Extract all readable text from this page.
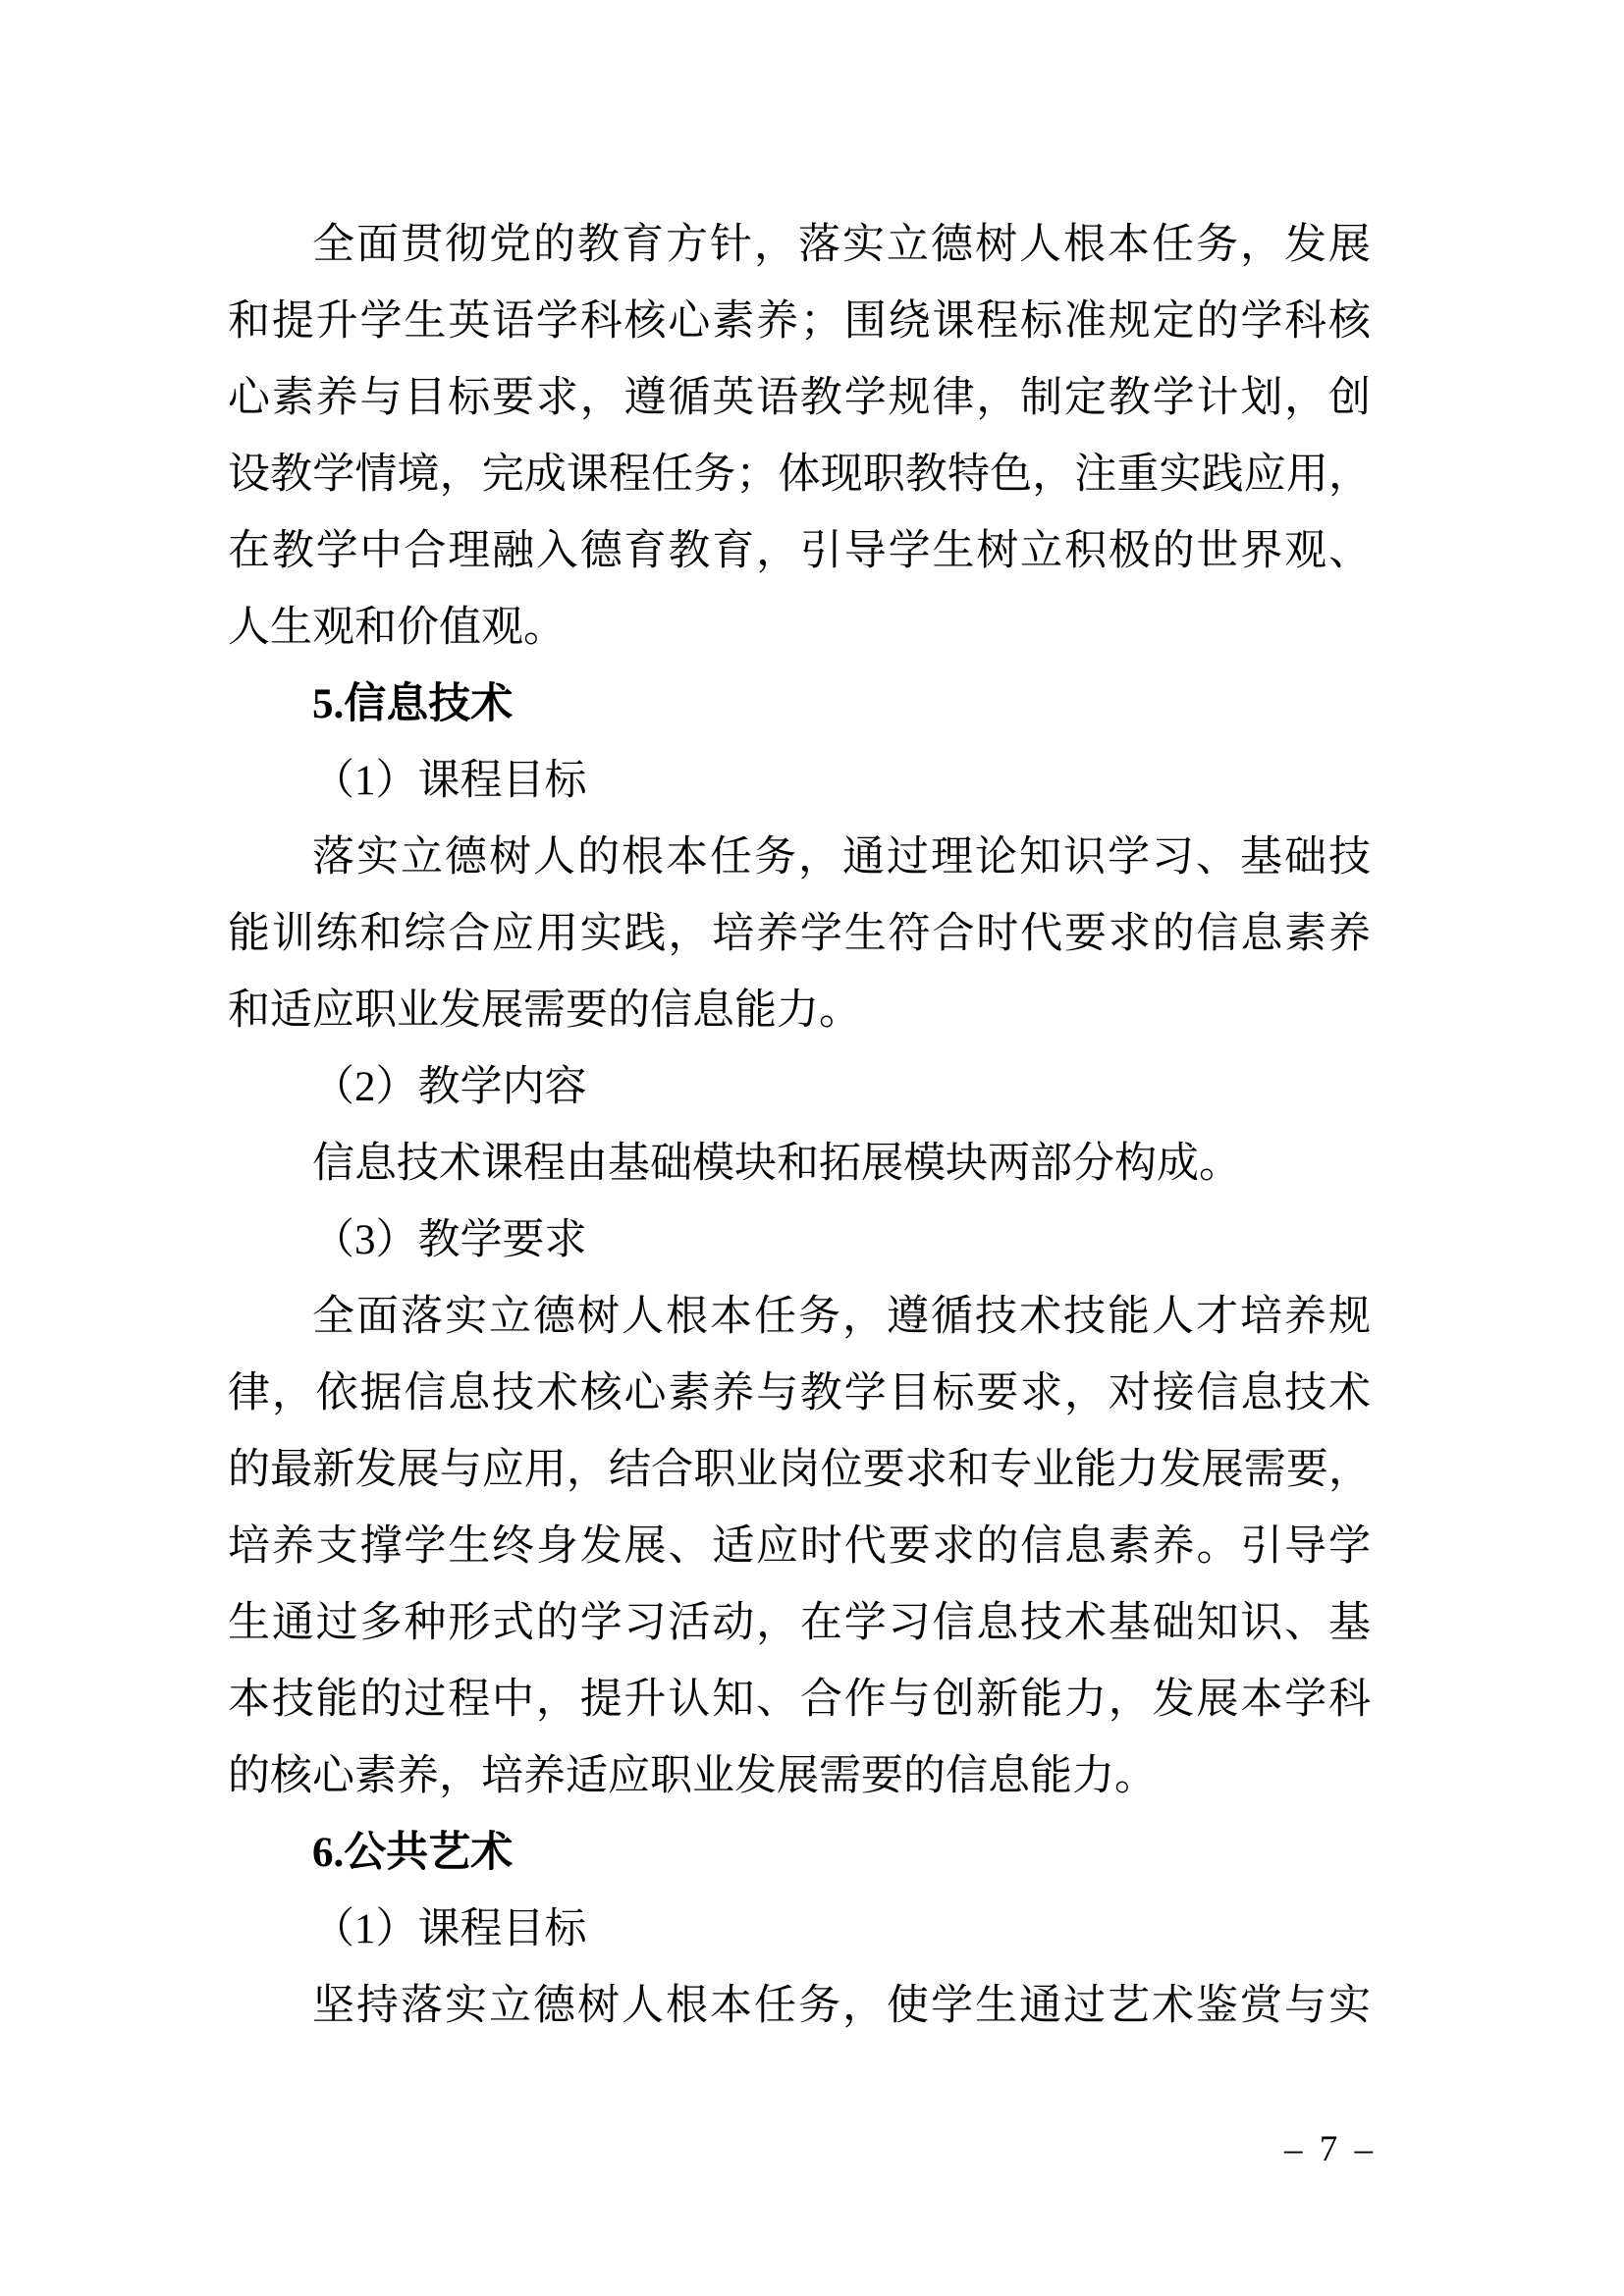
全面贯彻党的教育方针，落实立德树人根本任务，发展
和提升学生英语学科核心素养；围绕课程标准规定的学科核
心素养与目标要求，遵循英语教学规律，制定教学计划，创
设教学情境，完成课程任务；体现职教特色，注重实践应用，
在教学中合理融入德育教育，引导学生树立积极的世界观、
人生观和价值观。
5.信息技术
（1）课程目标
落实立德树人的根本任务，通过理论知识学习、基础技
能训练和综合应用实践，培养学生符合时代要求的信息素养
和适应职业发展需要的信息能力。
（2）教学内容
信息技术课程由基础模块和拓展模块两部分构成。
（3）教学要求
全面落实立德树人根本任务，遵循技术技能人才培养规
律，依据信息技术核心素养与教学目标要求，对接信息技术
的最新发展与应用，结合职业岗位要求和专业能力发展需要，
培养支撑学生终身发展、适应时代要求的信息素养。引导学
生通过多种形式的学习活动，在学习信息技术基础知识、基
本技能的过程中，提升认知、合作与创新能力，发展本学科
的核心素养，培养适应职业发展需要的信息能力。
6.公共艺术
（1）课程目标
坚持落实立德树人根本任务，使学生通过艺术鉴赏与实
– 7 –
